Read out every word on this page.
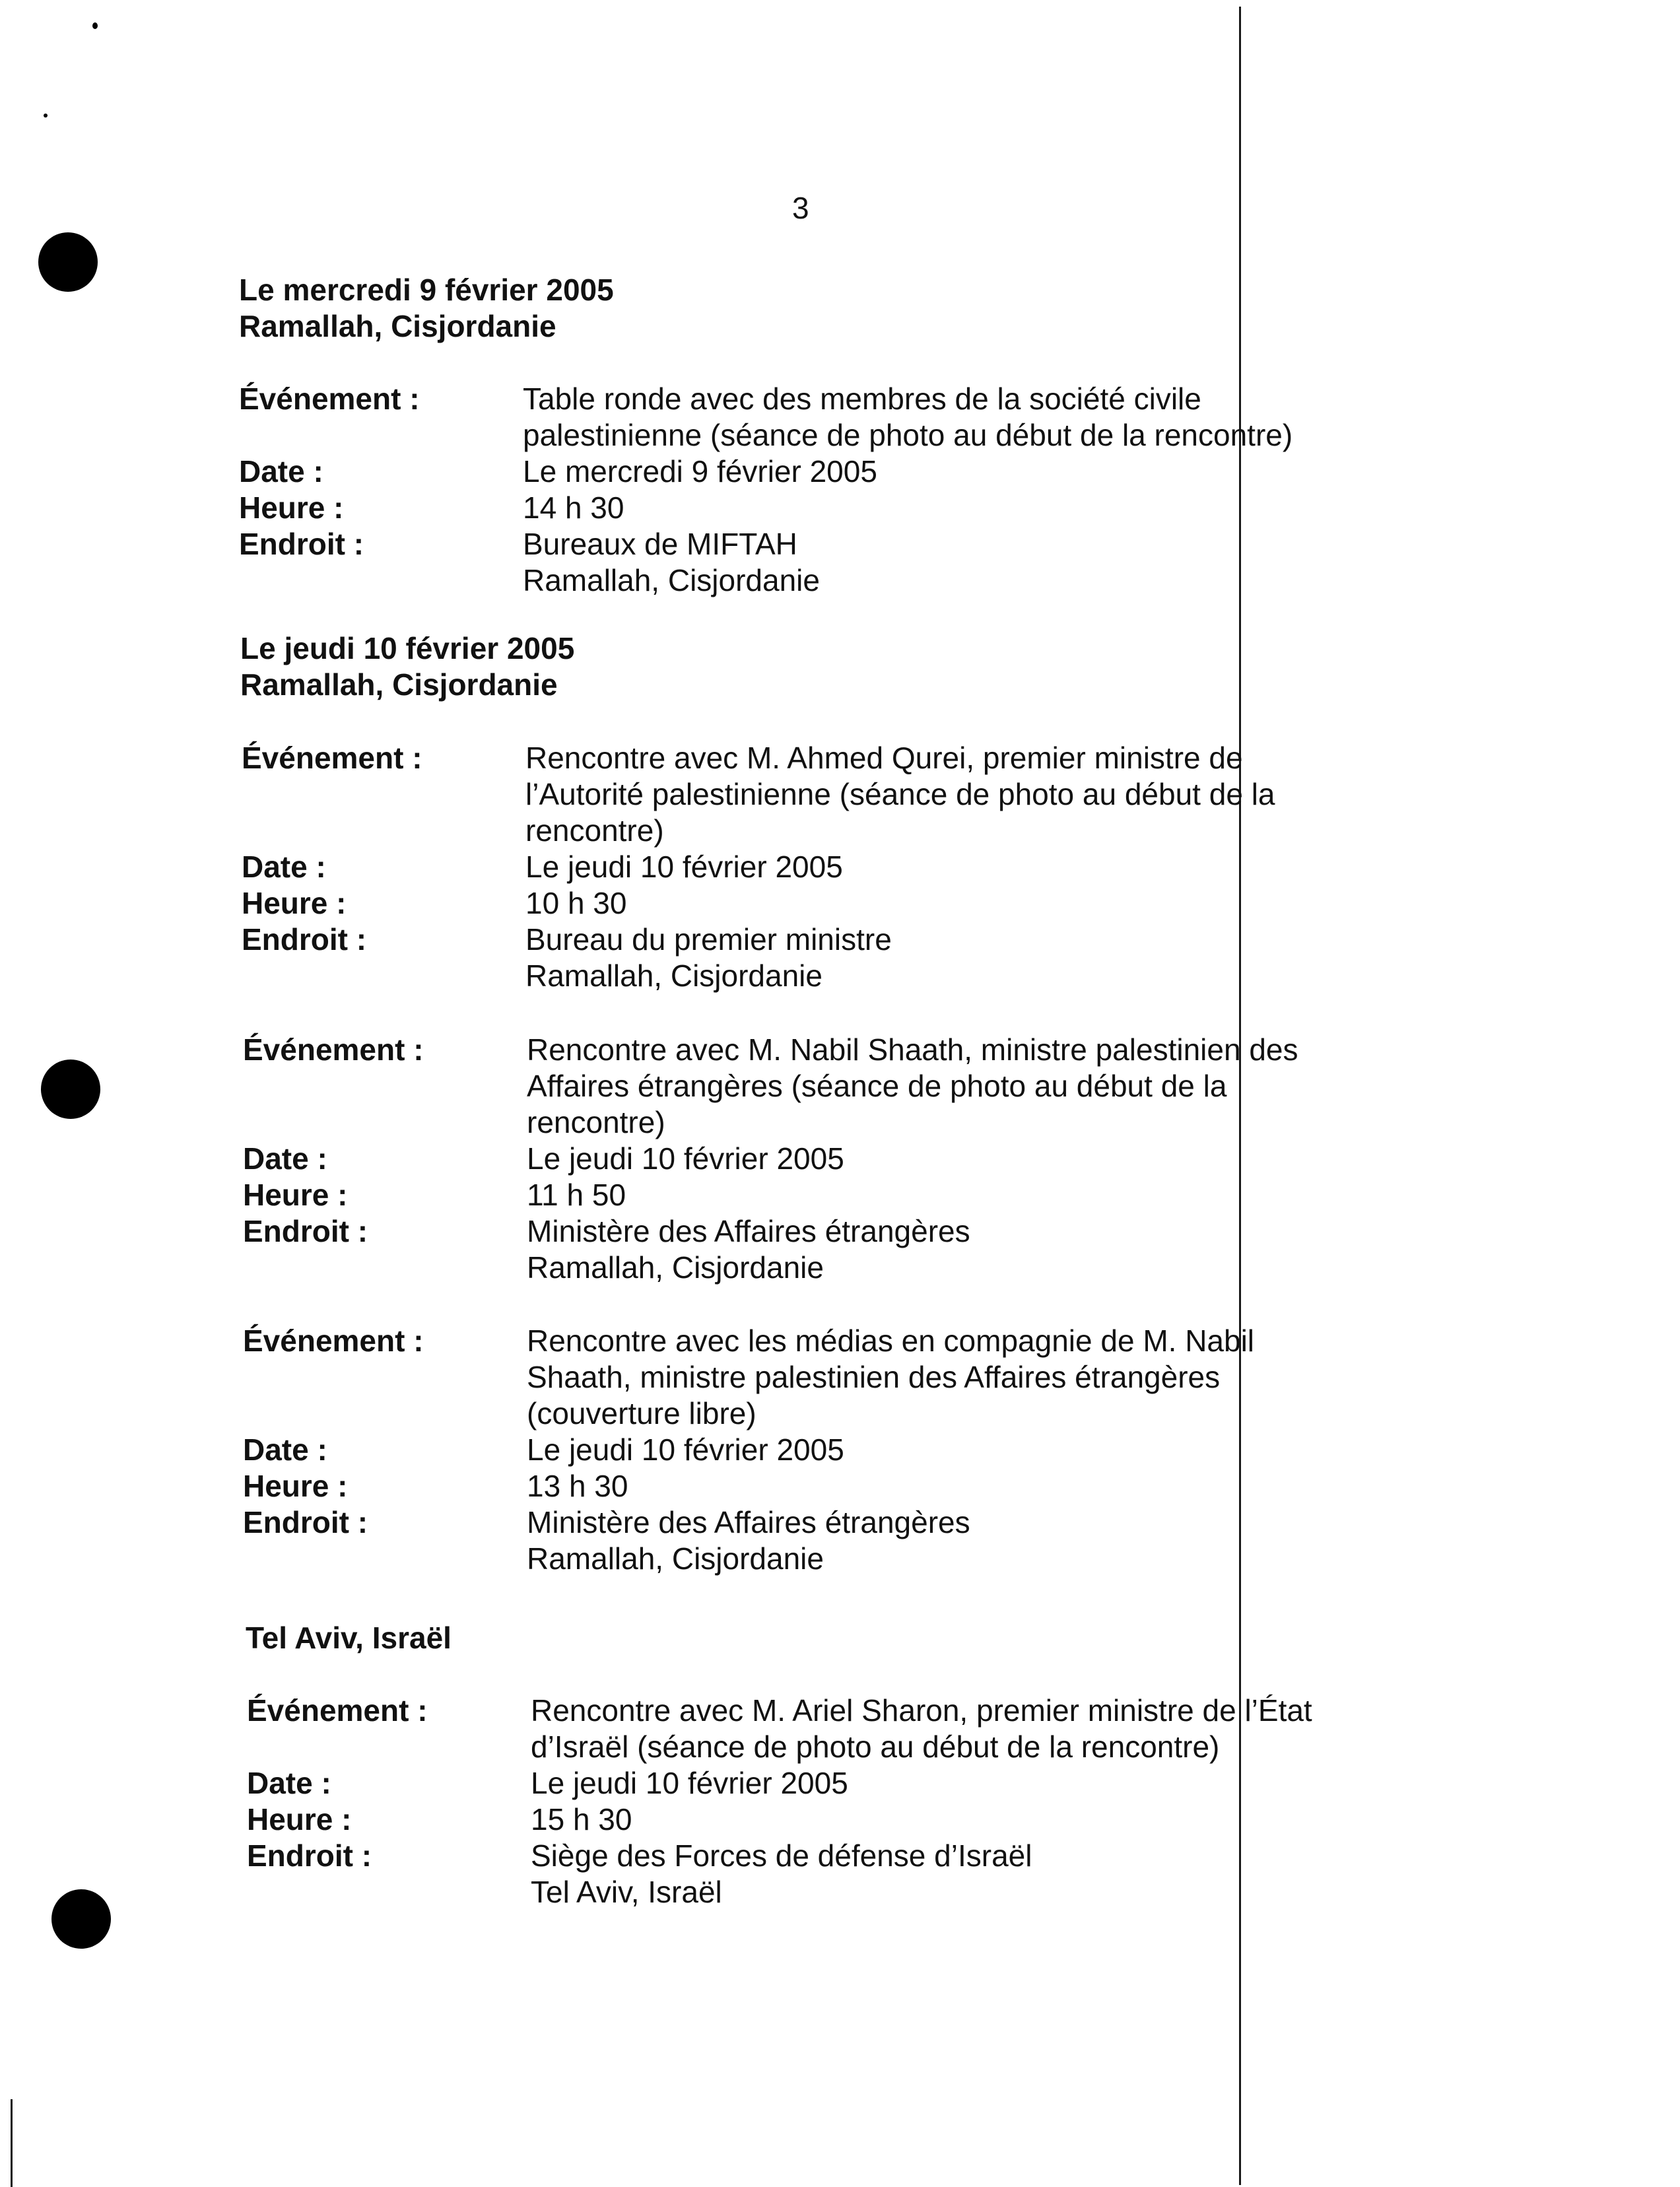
3
Le mercredi 9 février 2005
Ramallah, Cisjordanie
Événement :	Table ronde avec des membres de la société civile
palestinienne (séance de photo au début de la rencontre)
Date :	Le mercredi 9 février 2005
Heure :	14 h 30
Endroit :	Bureaux de MIFTAH
Ramallah, Cisjordanie
Le jeudi 10 février 2005
Ramallah, Cisjordanie
Événement :	Rencontre avec M. Ahmed Qurei, premier ministre de
l’Autorité palestinienne (séance de photo au début de la
rencontre)
Date :	Le jeudi 10 février 2005
Heure :	10 h 30
Endroit :	Bureau du premier ministre
Ramallah, Cisjordanie
Événement :	Rencontre avec M. Nabil Shaath, ministre palestinien des
Affaires étrangères (séance de photo au début de la
rencontre)
Date :	Le jeudi 10 février 2005
Heure :	11 h 50
Endroit :	Ministère des Affaires étrangères
Ramallah, Cisjordanie
Événement :	Rencontre avec les médias en compagnie de M. Nabil
Shaath, ministre palestinien des Affaires étrangères
(couverture libre)
Date :	Le jeudi 10 février 2005
Heure :	13 h 30
Endroit :	Ministère des Affaires étrangères
Ramallah, Cisjordanie
Tel Aviv, Israël
Événement :	Rencontre avec M. Ariel Sharon, premier ministre de l’État
d’Israël (séance de photo au début de la rencontre)
Date :	Le jeudi 10 février 2005
Heure :	15 h 30
Endroit :	Siège des Forces de défense d’Israël
Tel Aviv, Israël
